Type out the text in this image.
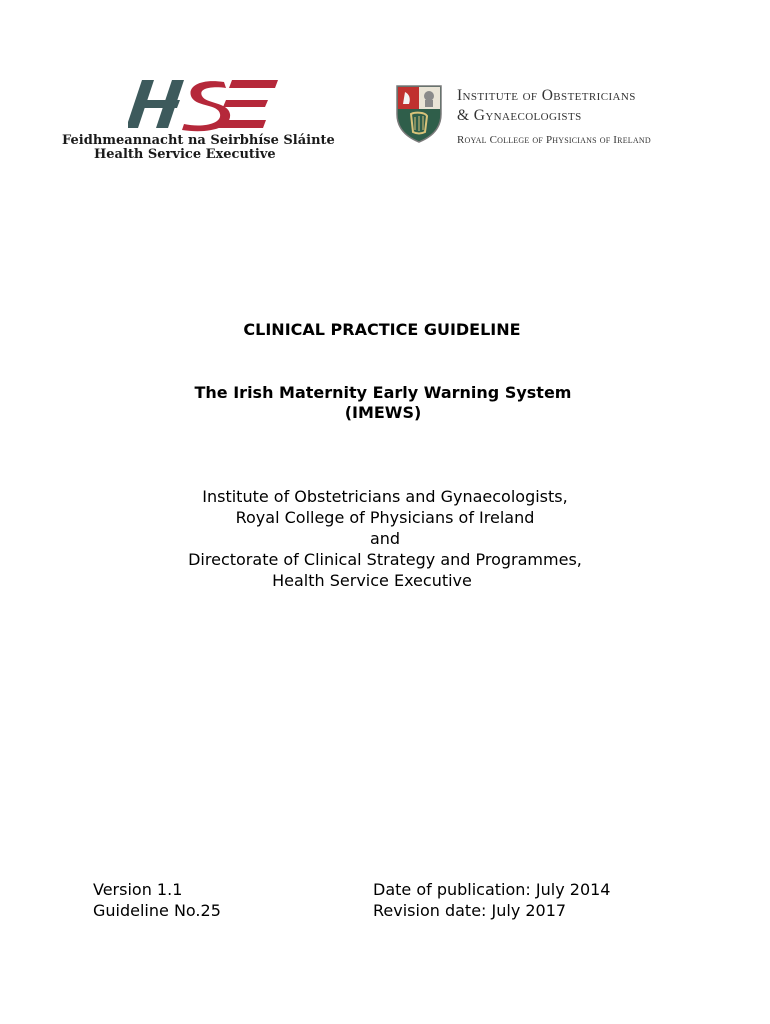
Feidhmeannacht na Seirbhíse Sláinte
Health Service Executive
Institute of Obstetricians
& Gynaecologists
Royal College of Physicians of Ireland
CLINICAL PRACTICE GUIDELINE
The Irish Maternity Early Warning System
(IMEWS)
Institute of Obstetricians and Gynaecologists,
Royal College of Physicians of Ireland
and
Directorate of Clinical Strategy and Programmes,
Health Service Executive
Version 1.1
Guideline No.25
Date of publication: July 2014
Revision date: July 2017
